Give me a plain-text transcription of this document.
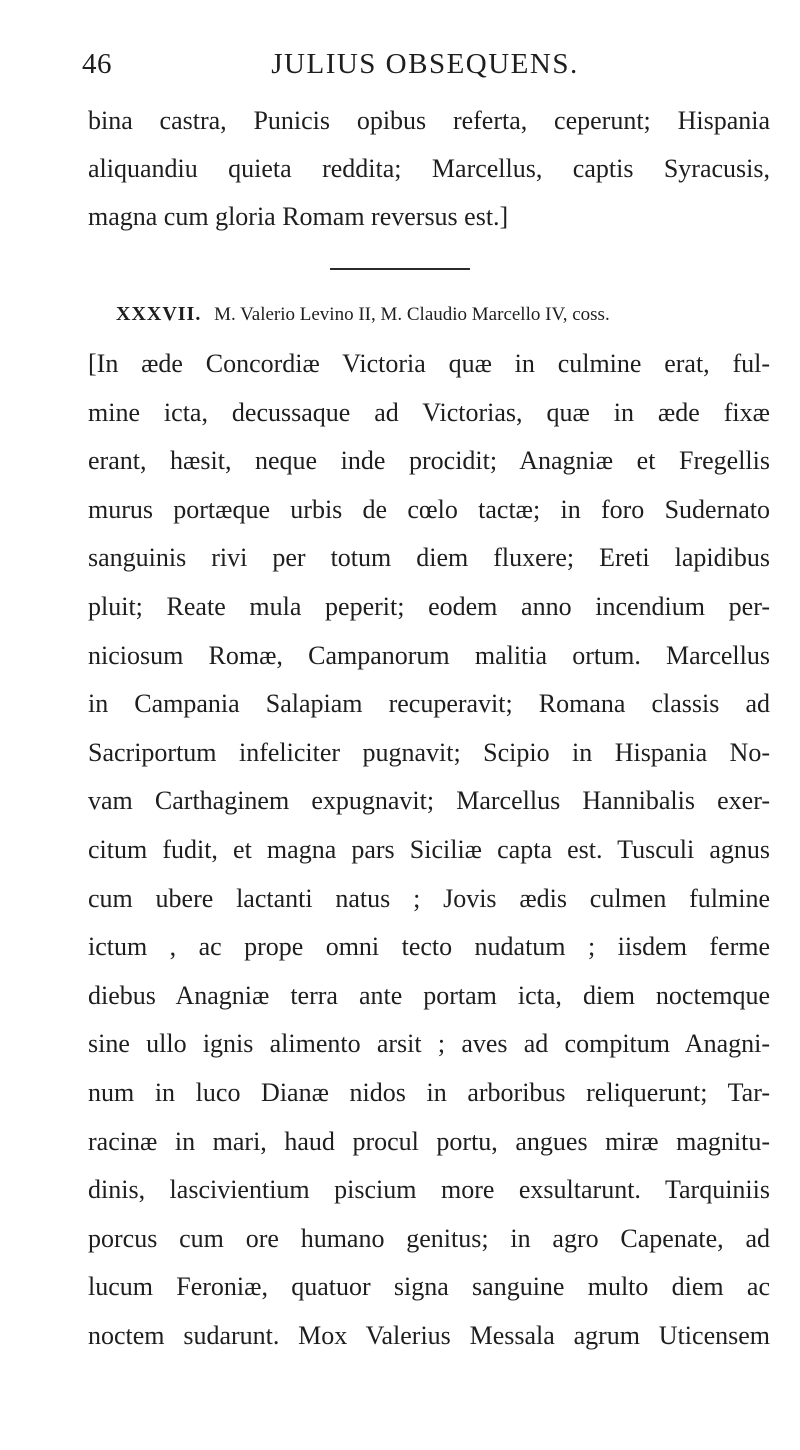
46	JULIUS OBSEQUENS.
bina castra, Punicis opibus referta, ceperunt; Hispania
aliquandiu quieta reddita; Marcellus, captis Syracusis,
magna cum gloria Romam reversus est.]
XXXVII. M. Valerio Levino II, M. Claudio Marcello IV, coss.
[In æde Concordiæ Victoria quæ in culmine erat, ful-
mine icta, decussaque ad Victorias, quæ in æde fixæ
erant, hæsit, neque inde procidit; Anagniæ et Fregellis
murus portæque urbis de cœlo tactæ; in foro Sudernato
sanguinis rivi per totum diem fluxere; Ereti lapidibus
pluit; Reate mula peperit; eodem anno incendium per-
niciosum Romæ, Campanorum malitia ortum. Marcellus
in Campania Salapiam recuperavit; Romana classis ad
Sacriportum infeliciter pugnavit; Scipio in Hispania No-
vam Carthaginem expugnavit; Marcellus Hannibalis exer-
citum fudit, et magna pars Siciliæ capta est. Tusculi agnus
cum ubere lactanti natus ; Jovis ædis culmen fulmine
ictum , ac prope omni tecto nudatum ; iisdem ferme
diebus Anagniæ terra ante portam icta, diem noctemque
sine ullo ignis alimento arsit ; aves ad compitum Anagni-
num in luco Dianæ nidos in arboribus reliquerunt; Tar-
racinæ in mari, haud procul portu, angues miræ magnitu-
dinis, lascivientium piscium more exsultarunt. Tarquiniis
porcus cum ore humano genitus; in agro Capenate, ad
lucum Feroniæ, quatuor signa sanguine multo diem ac
noctem sudarunt. Mox Valerius Messala agrum Uticensem
